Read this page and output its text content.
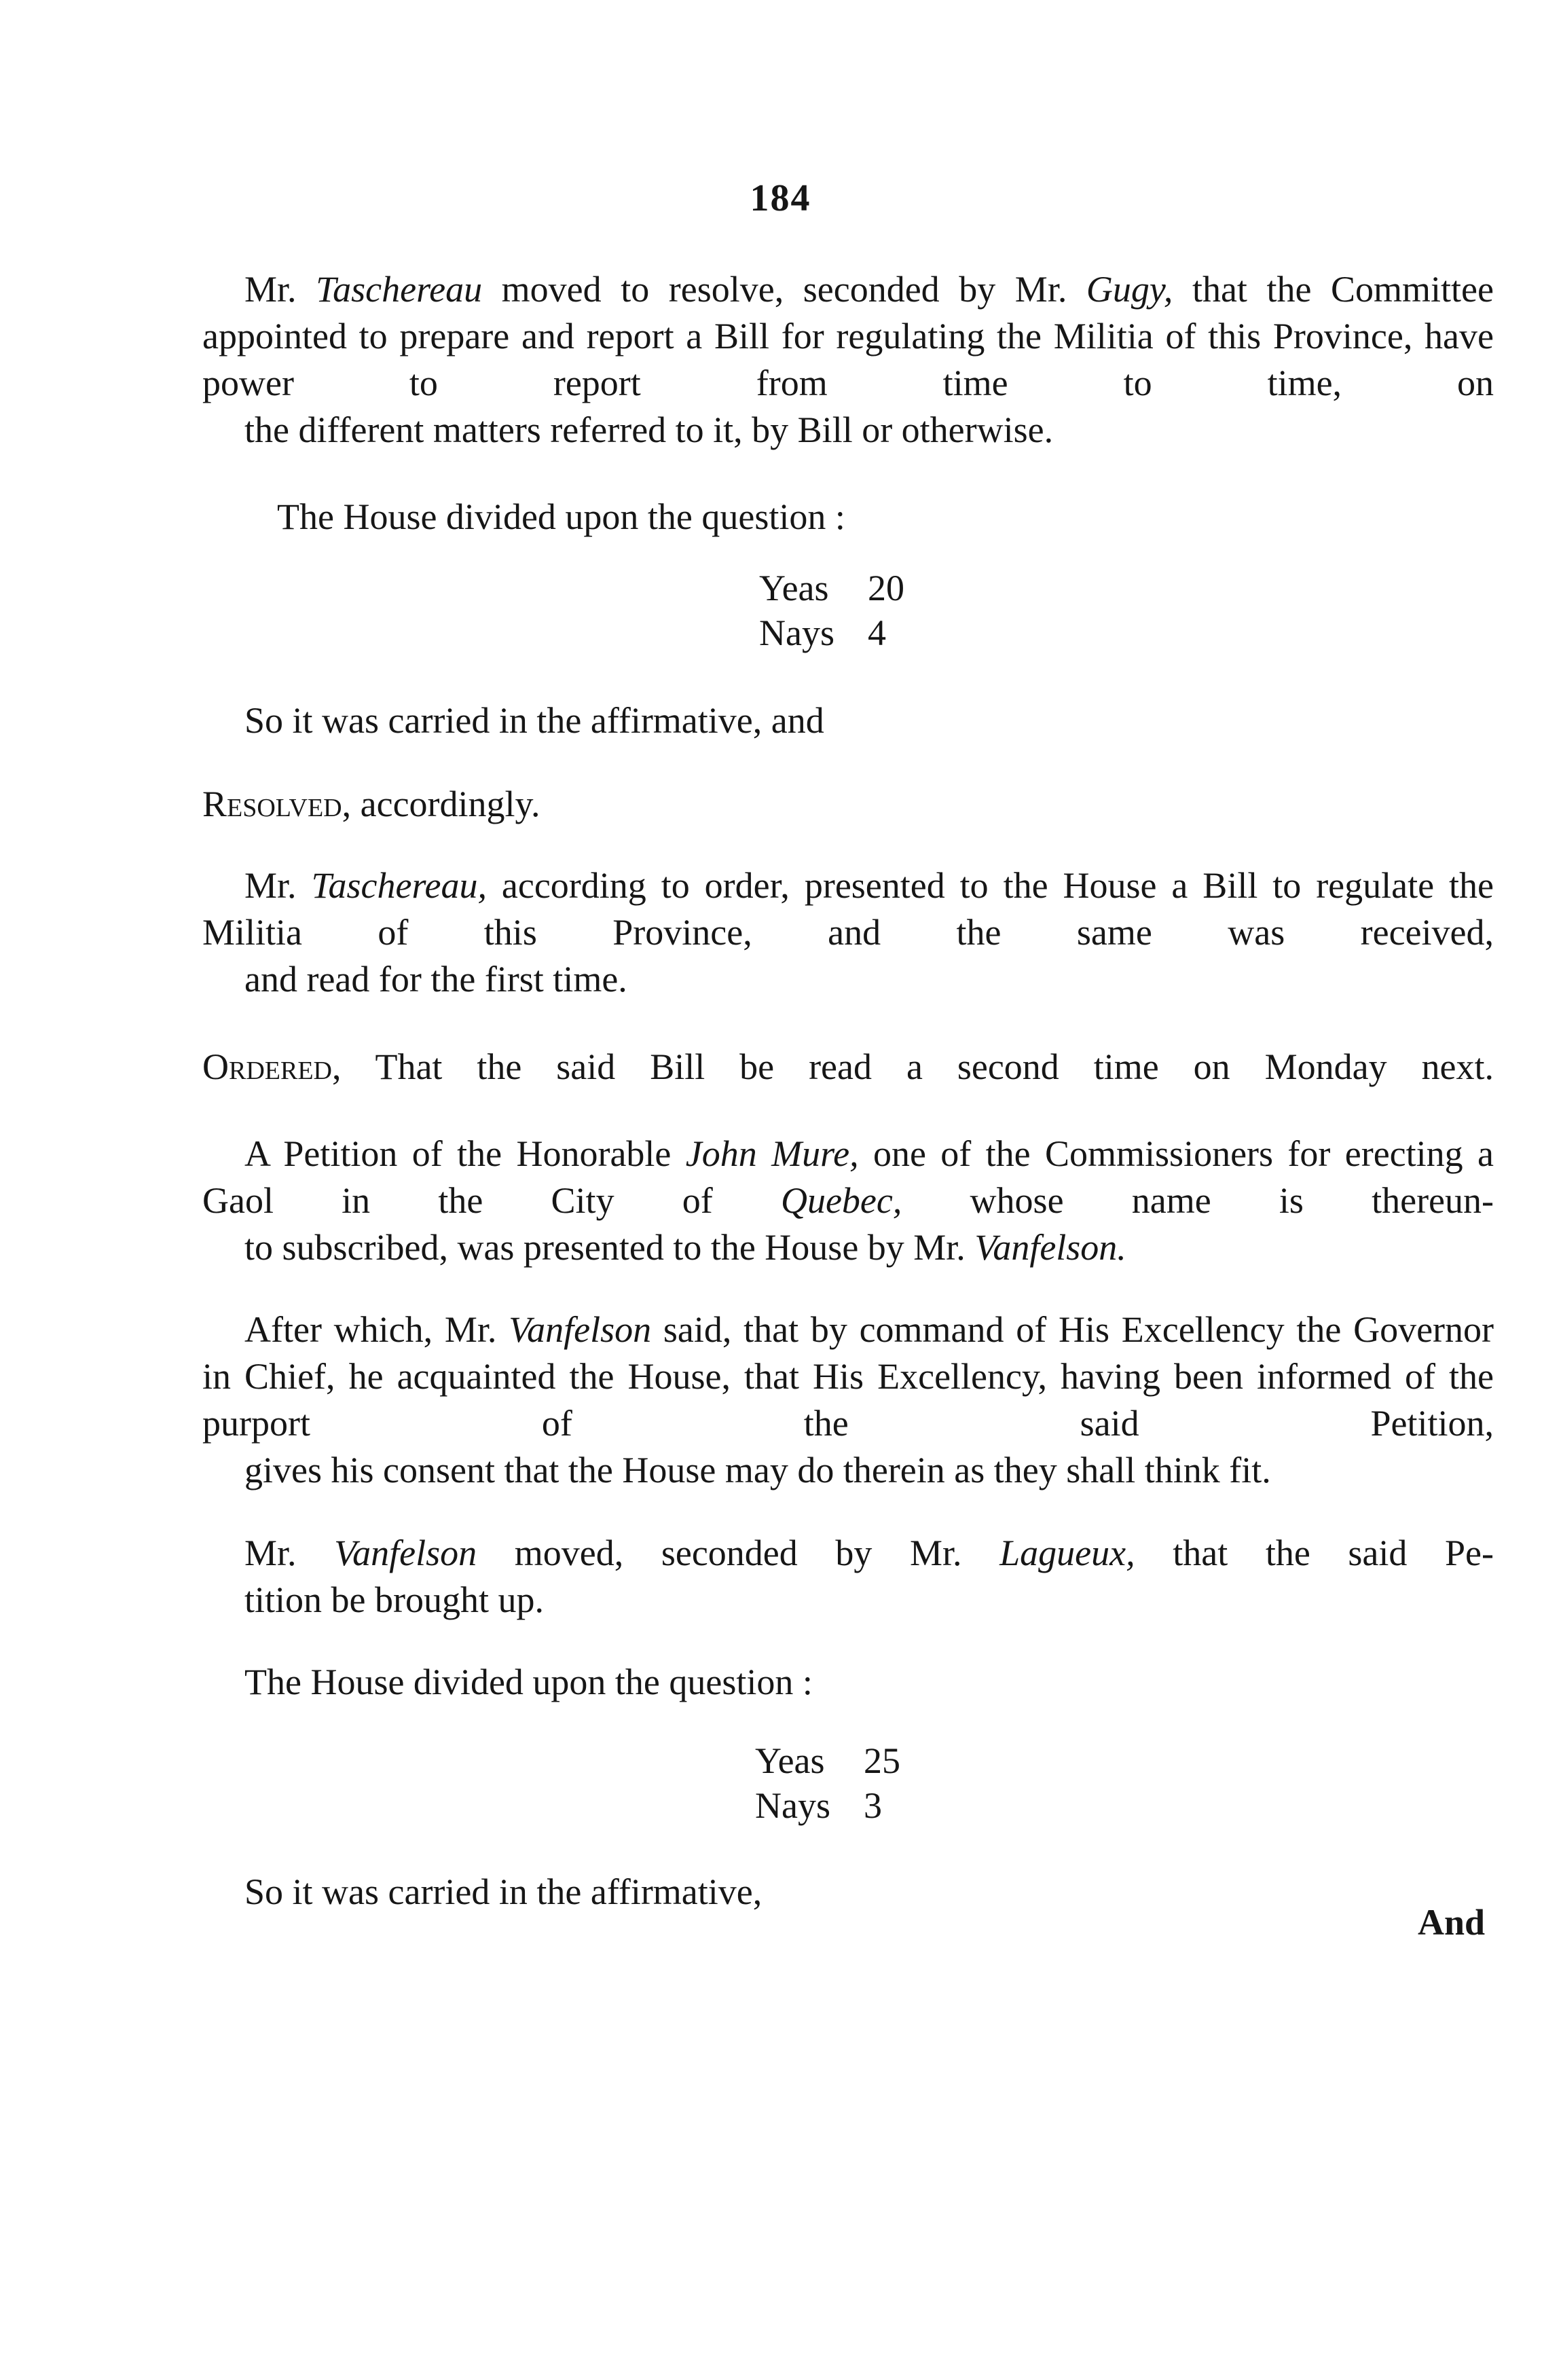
184
Mr. Taschereau moved to resolve, seconded by Mr. Gugy, that the Committee appointed to prepare and report a Bill for regulating the Militia of this Province, have power to report from time to time, on
the different matters referred to it, by Bill or otherwise.
The House divided upon the question :
Yeas 20
Nays 4
So it was carried in the affirmative, and
Resolved, accordingly.
Mr. Taschereau, according to order, presented to the House a Bill to regulate the Militia of this Province, and the same was received,
and read for the first time.
Ordered, That the said Bill be read a second time on Monday next.
A Petition of the Honorable John Mure, one of the Commissioners for erecting a Gaol in the City of Quebec, whose name is thereun-
to subscribed, was presented to the House by Mr. Vanfelson.
After which, Mr. Vanfelson said, that by command of His Excellency the Governor in Chief, he acquainted the House, that His Excellency, having been informed of the purport of the said Petition,
gives his consent that the House may do therein as they shall think fit.
Mr. Vanfelson moved, seconded by Mr. Lagueux, that the said Pe-
tition be brought up.
The House divided upon the question :
Yeas 25
Nays 3
So it was carried in the affirmative,
And
